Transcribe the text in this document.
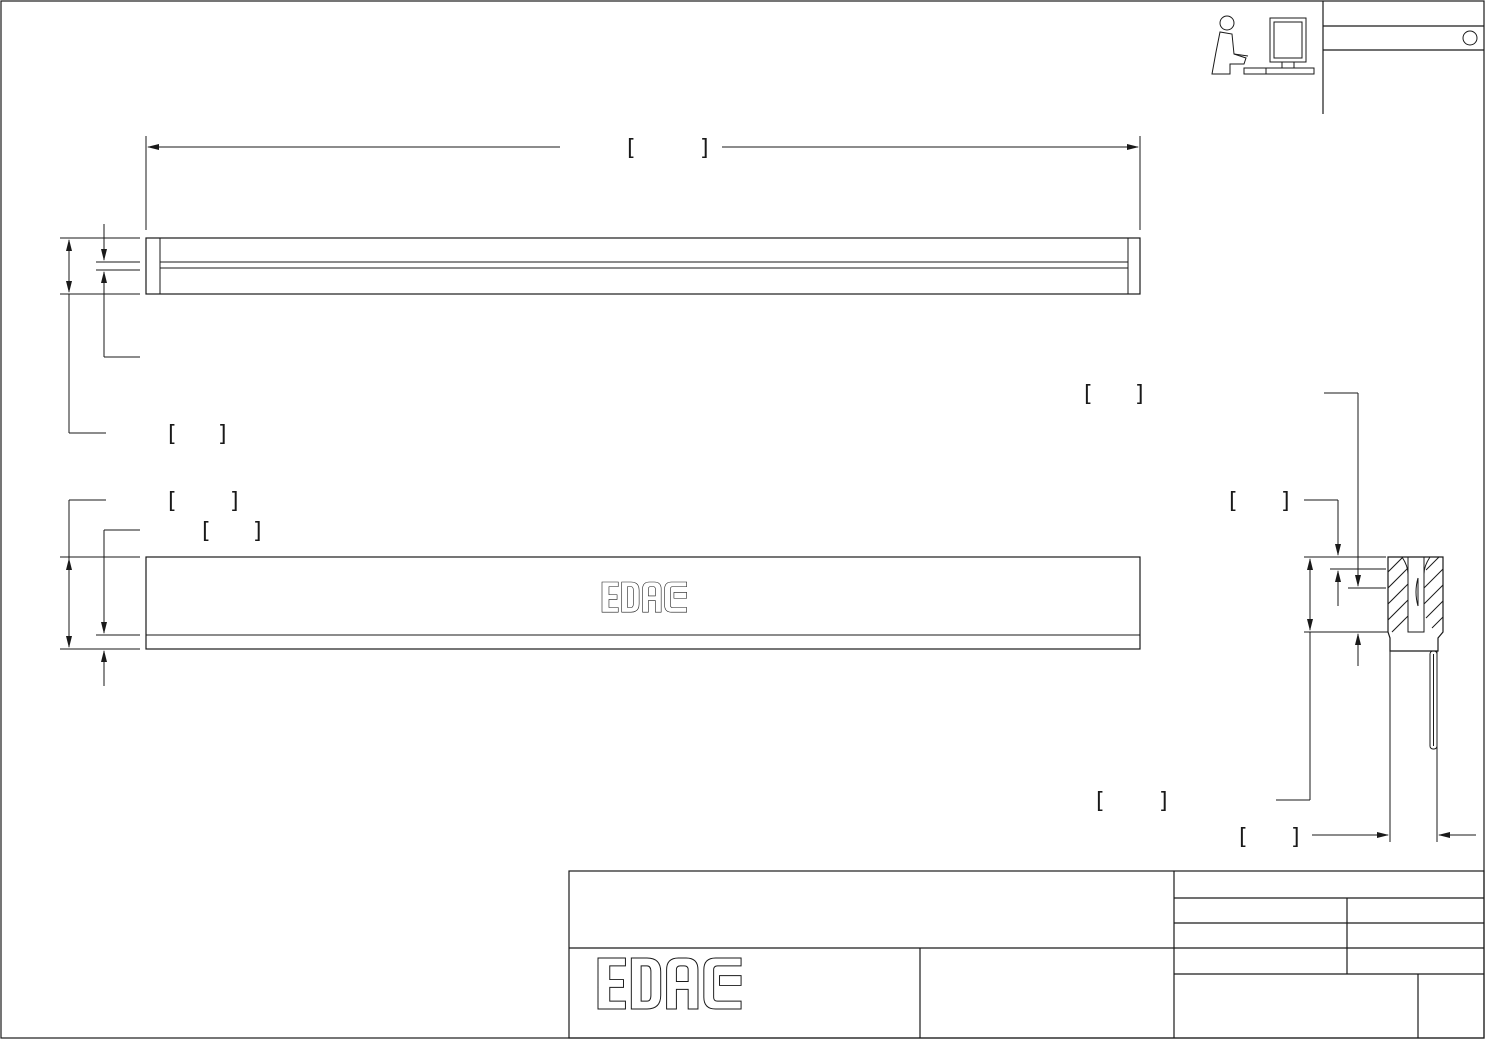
[	]
[ ]
[ ]
[ ]
[ ]
[ ]
[ ]
[ ]
